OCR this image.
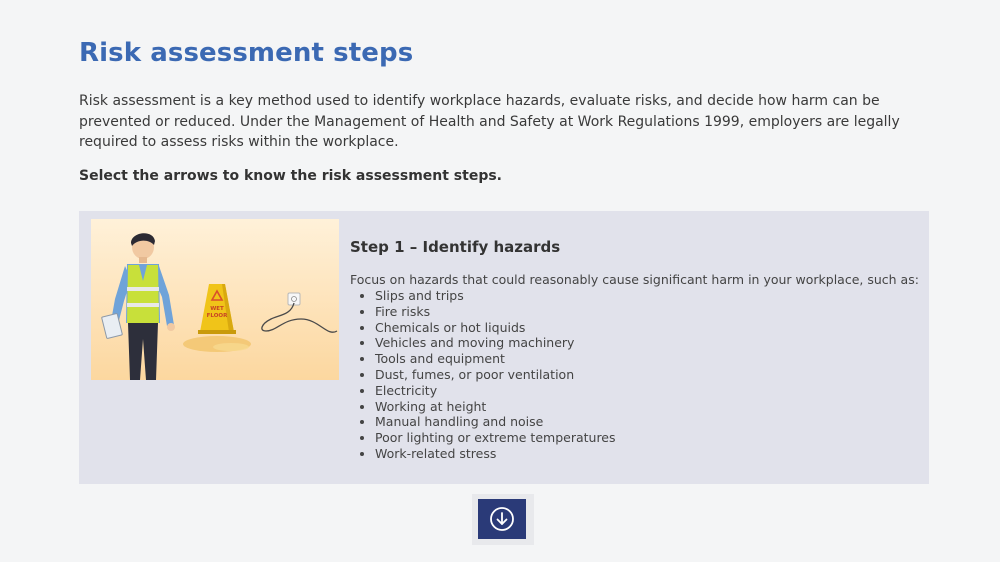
Risk assessment steps

Risk assessment is a key method used to identify workplace hazards, evaluate risks, and decide how harm can be prevented or reduced. Under the Management of Health and Safety at Work Regulations 1999, employers are legally required to assess risks within the workplace.

Select the arrows to know the risk assessment steps.

WET
FLOOR
Step 1 – Identify hazards

Focus on hazards that could reasonably cause significant harm in your workplace, such as:

• Slips and trips
• Fire risks
• Chemicals or hot liquids
• Vehicles and moving machinery
• Tools and equipment
• Dust, fumes, or poor ventilation
• Electricity
• Working at height
• Manual handling and noise
• Poor lighting or extreme temperatures
• Work-related stress
